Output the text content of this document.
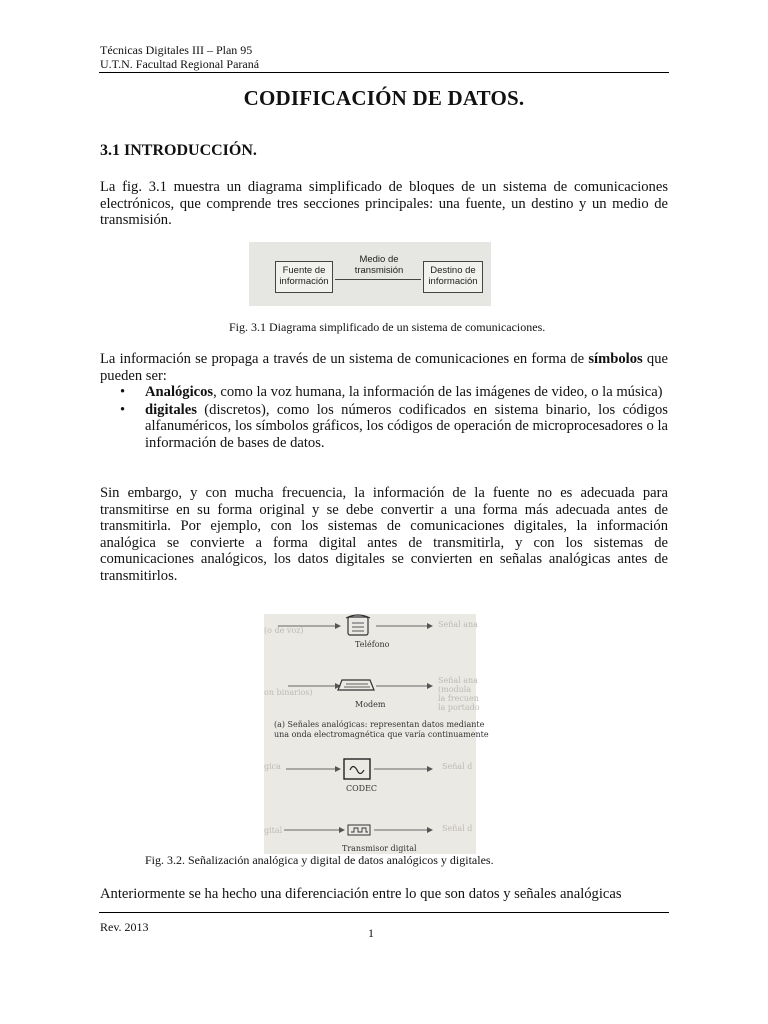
Técnicas Digitales III – Plan 95
U.T.N. Facultad Regional Paraná
CODIFICACIÓN DE DATOS.
3.1 INTRODUCCIÓN.
La fig. 3.1 muestra un diagrama simplificado de bloques de un sistema de comunicaciones electrónicos, que comprende tres secciones principales: una fuente, un destino y un medio de transmisión.
Fuente de
información
Medio de
transmisión	Destino de
información
Fig. 3.1 Diagrama simplificado de un sistema de comunicaciones.
La información se propaga a través de un sistema de comunicaciones en forma de símbolos que pueden ser:
• Analógicos, como la voz humana, la información de las imágenes de video, o la música)
• digitales (discretos), como los números codificados en sistema binario, los códigos alfanuméricos, los símbolos gráficos, los códigos de operación de microprocesadores o la información de bases de datos.
Sin embargo, y con mucha frecuencia, la información de la fuente no es adecuada para transmitirse en su forma original y se debe convertir a una forma más adecuada antes de transmitirla. Por ejemplo, con los sistemas de comunicaciones digitales, la información analógica se convierte a forma digital antes de transmitirla, y con los sistemas de comunicaciones analógicos, los datos digitales se convierten en señalas analógicas antes de transmitirlos.
Teléfono
Modem
(a) Señales analógicas: representan datos mediante
una onda electromagnética que varía continuamente
CODEC
Transmisor digital
(o de voz)
on binarios)
gica
gital
Señal ana
Señal ana
(modula
la frecuen
la portado
Señal d
Señal d
Fig. 3.2. Señalización analógica y digital de datos analógicos y digitales.
Anteriormente se ha hecho una diferenciación entre lo que son datos y señales analógicas
Rev. 2013	1
